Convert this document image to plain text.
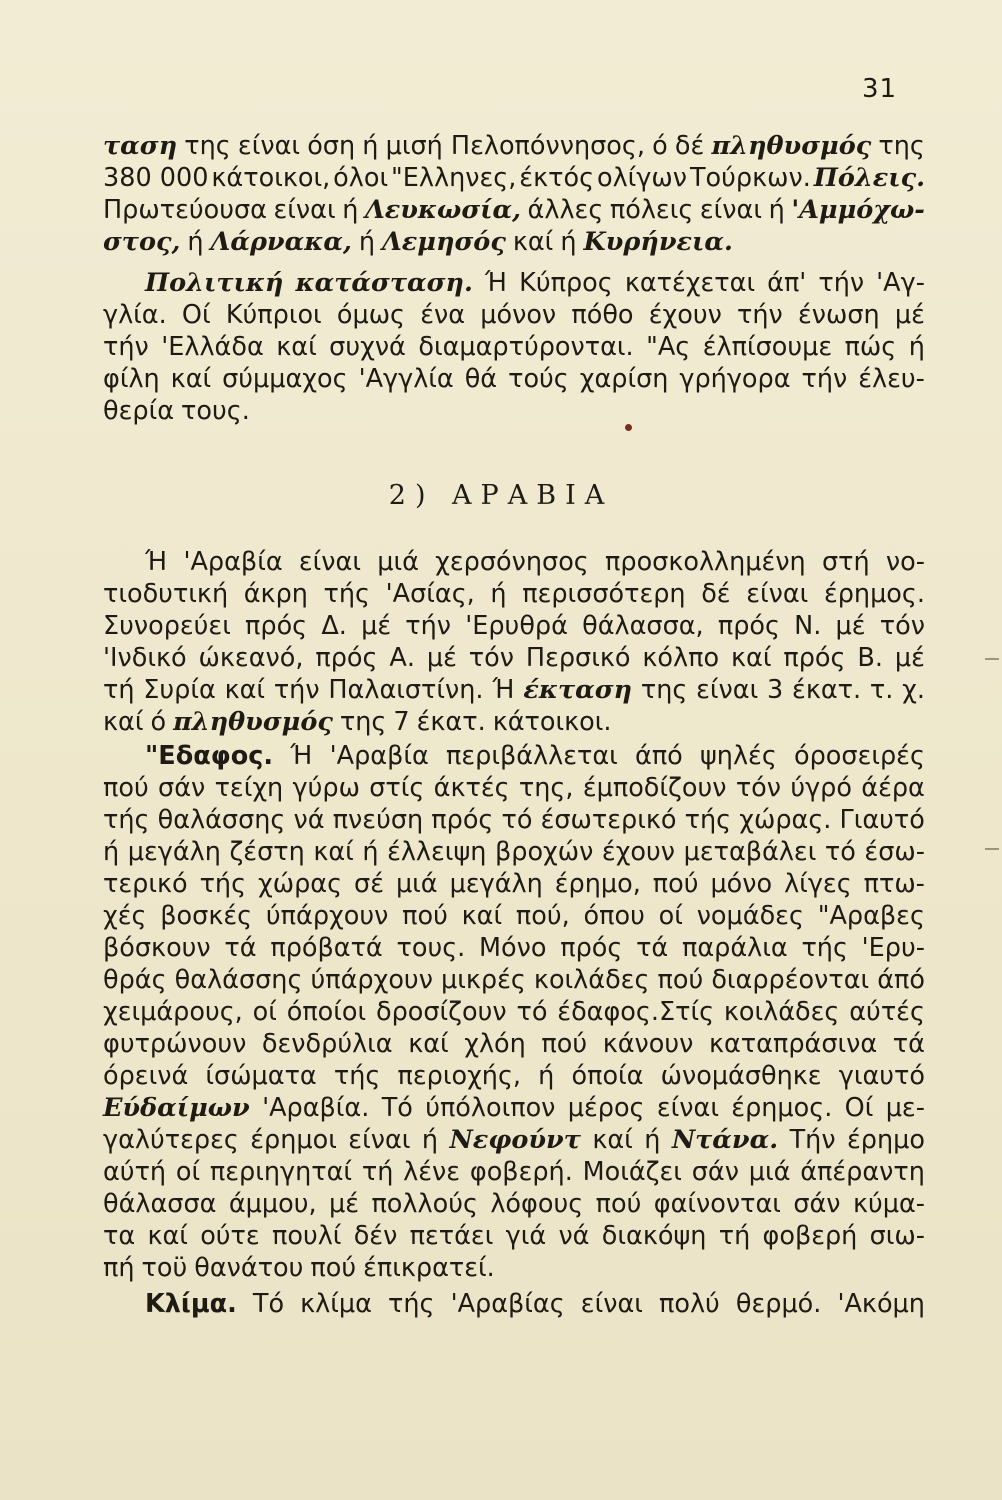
31
ταση της είναι όση ή μισή Πελοπόννησος, ό δέ πληθυσμός της
380 000 κάτοικοι, όλοι "Ελληνες, έκτός ολίγων Τούρκων. Πόλεις.
Πρωτεύουσα είναι ή Λευκωσία, άλλες πόλεις είναι ή 'Αμμόχω-
στος, ή Λάρνακα, ή Λεμησός καί ή Κυρήνεια.
Πολιτική κατάσταση. Ή Κύπρος κατέχεται άπ' τήν 'Αγ-
γλία. Οί Κύπριοι όμως ένα μόνον πόθο έχουν τήν ένωση μέ
τήν 'Ελλάδα καί συχνά διαμαρτύρονται. "Ας έλπίσουμε πώς ή
φίλη καί σύμμαχος 'Αγγλία θά τούς χαρίση γρήγορα τήν έλευ-
θερία τους.
2) ΑΡΑΒΙΑ
Ή 'Αραβία είναι μιά χερσόνησος προσκολλημένη στή νο-
τιοδυτική άκρη τής 'Ασίας, ή περισσότερη δέ είναι έρημος.
Συνορεύει πρός Δ. μέ τήν 'Ερυθρά θάλασσα, πρός Ν. μέ τόν
'Ινδικό ώκεανό, πρός Α. μέ τόν Περσικό κόλπο καί πρός Β. μέ
τή Συρία καί τήν Παλαιστίνη. Ή έκταση της είναι 3 έκατ. τ. χ.
καί ό πληθυσμός της 7 έκατ. κάτοικοι.
"Εδαφος. Ή 'Αραβία περιβάλλεται άπό ψηλές όροσειρές
πού σάν τείχη γύρω στίς άκτές της, έμποδίζουν τόν ύγρό άέρα
τής θαλάσσης νά πνεύση πρός τό έσωτερικό τής χώρας. Γιαυτό
ή μεγάλη ζέστη καί ή έλλειψη βροχών έχουν μεταβάλει τό έσω-
τερικό τής χώρας σέ μιά μεγάλη έρημο, πού μόνο λίγες πτω-
χές βοσκές ύπάρχουν πού καί πού, όπου οί νομάδες "Αραβες
βόσκουν τά πρόβατά τους. Μόνο πρός τά παράλια τής 'Ερυ-
θράς θαλάσσης ύπάρχουν μικρές κοιλάδες πού διαρρέονται άπό
χειμάρους, οί όποίοι δροσίζουν τό έδαφος.Στίς κοιλάδες αύτές
φυτρώνουν δενδρύλια καί χλόη πού κάνουν καταπράσινα τά
όρεινά ίσώματα τής περιοχής, ή όποία ώνομάσθηκε γιαυτό
Εύδαίμων 'Αραβία. Τό ύπόλοιπον μέρος είναι έρημος. Οί με-
γαλύτερες έρημοι είναι ή Νεφούντ καί ή Ντάνα. Τήν έρημο
αύτή οί περιηγηταί τή λένε φοβερή. Μοιάζει σάν μιά άπέραντη
θάλασσα άμμου, μέ πολλούς λόφους πού φαίνονται σάν κύμα-
τα καί ούτε πουλί δέν πετάει γιά νά διακόψη τή φοβερή σιω-
πή τοϋ θανάτου πού έπικρατεί.
Κλίμα. Τό κλίμα τής 'Αραβίας είναι πολύ θερμό. 'Ακόμη
